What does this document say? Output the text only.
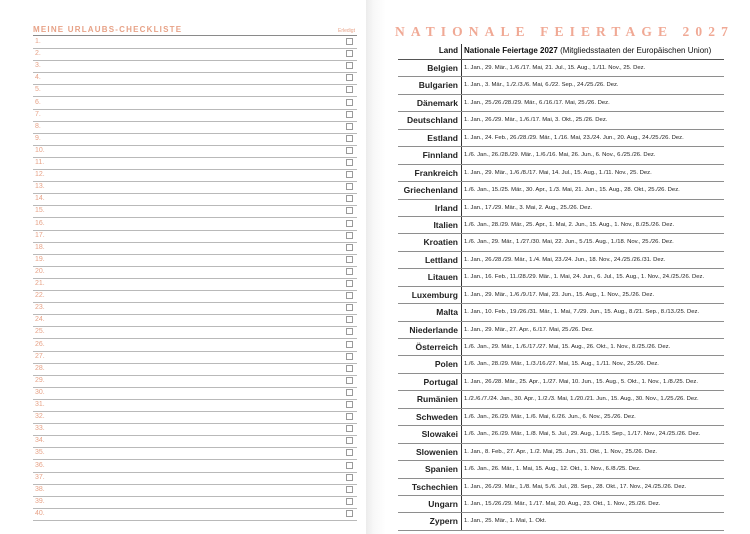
MEINE URLAUBS-CHECKLISTE	Erledigt
1.
2.
3.
4.
5.
6.
7.
8.
9.
10.
11.
12.
13.
14.
15.
16.
17.
18.
19.
20.
21.
22.
23.
24.
25.
26.
27.
28.
29.
30.
31.
32.
33.
34.
35.
36.
37.
38.
39.
40.
NATIONALE FEIERTAGE 2027
Land Nationale Feiertage 2027 (Mitgliedsstaaten der Europäischen Union)
Belgien 1. Jan., 29. Mär., 1./6./17. Mai, 21. Jul., 15. Aug., 1./11. Nov., 25. Dez.
Bulgarien 1. Jan., 3. Mär., 1./2./3./6. Mai, 6./22. Sep., 24./25./26. Dez.
Dänemark 1. Jan., 25./26./28./29. Mär., 6./16./17. Mai, 25./26. Dez.
Deutschland 1. Jan., 26./29. Mär., 1./6./17. Mai, 3. Okt., 25./26. Dez.
Estland 1. Jan., 24. Feb., 26./28./29. Mär., 1./16. Mai, 23./24. Jun., 20. Aug., 24./25./26. Dez.
Finnland 1./6. Jan., 26./28./29. Mär., 1./6./16. Mai, 26. Jun., 6. Nov., 6./25./26. Dez.
Frankreich 1. Jan., 29. Mär., 1./6./8./17. Mai, 14. Jul., 15. Aug., 1./11. Nov., 25. Dez.
Griechenland 1./6. Jan., 15./25. Mär., 30. Apr., 1./3. Mai, 21. Jun., 15. Aug., 28. Okt., 25./26. Dez.
Irland 1. Jan., 17./29. Mär., 3. Mai, 2. Aug., 25./26. Dez.
Italien 1./6. Jan., 28./29. Mär., 25. Apr., 1. Mai, 2. Jun., 15. Aug., 1. Nov., 8./25./26. Dez.
Kroatien 1./6. Jan., 29. Mär., 1./27./30. Mai, 22. Jun., 5./15. Aug., 1./18. Nov., 25./26. Dez.
Lettland 1. Jan., 26./28./29. Mär., 1./4. Mai, 23./24. Jun., 18. Nov., 24./25./26./31. Dez.
Litauen 1. Jan., 16. Feb., 11./28./29. Mär., 1. Mai, 24. Jun., 6. Jul., 15. Aug., 1. Nov., 24./25./26. Dez.
Luxemburg 1. Jan., 29. Mär., 1./6./9./17. Mai, 23. Jun., 15. Aug., 1. Nov., 25./26. Dez.
Malta 1. Jan., 10. Feb., 19./26./31. Mär., 1. Mai, 7./29. Jun., 15. Aug., 8./21. Sep., 8./13./25. Dez.
Niederlande 1. Jan., 29. Mär., 27. Apr., 6./17. Mai, 25./26. Dez.
Österreich 1./6. Jan., 29. Mär., 1./6./17./27. Mai, 15. Aug., 26. Okt., 1. Nov., 8./25./26. Dez.
Polen 1./6. Jan., 28./29. Mär., 1./3./16./27. Mai, 15. Aug., 1./11. Nov., 25./26. Dez.
Portugal 1. Jan., 26./28. Mär., 25. Apr., 1./27. Mai, 10. Jun., 15. Aug., 5. Okt., 1. Nov., 1./8./25. Dez.
Rumänien 1./2./6./7./24. Jan., 30. Apr., 1./2./3. Mai, 1./20./21. Jun., 15. Aug., 30. Nov., 1./25./26. Dez.
Schweden 1./6. Jan., 26./29. Mär., 1./6. Mai, 6./26. Jun., 6. Nov., 25./26. Dez.
Slowakei 1./6. Jan., 26./29. Mär., 1./8. Mai, 5. Jul., 29. Aug., 1./15. Sep., 1./17. Nov., 24./25./26. Dez.
Slowenien 1. Jan., 8. Feb., 27. Apr., 1./2. Mai, 25. Jun., 31. Okt., 1. Nov., 25./26. Dez.
Spanien 1./6. Jan., 26. Mär., 1. Mai, 15. Aug., 12. Okt., 1. Nov., 6./8./25. Dez.
Tschechien 1. Jan., 26./29. Mär., 1./8. Mai, 5./6. Jul., 28. Sep., 28. Okt., 17. Nov., 24./25./26. Dez.
Ungarn 1. Jan., 15./26./29. Mär., 1./17. Mai, 20. Aug., 23. Okt., 1. Nov., 25./26. Dez.
Zypern 1. Jan., 25. Mär., 1. Mai, 1. Okt.
